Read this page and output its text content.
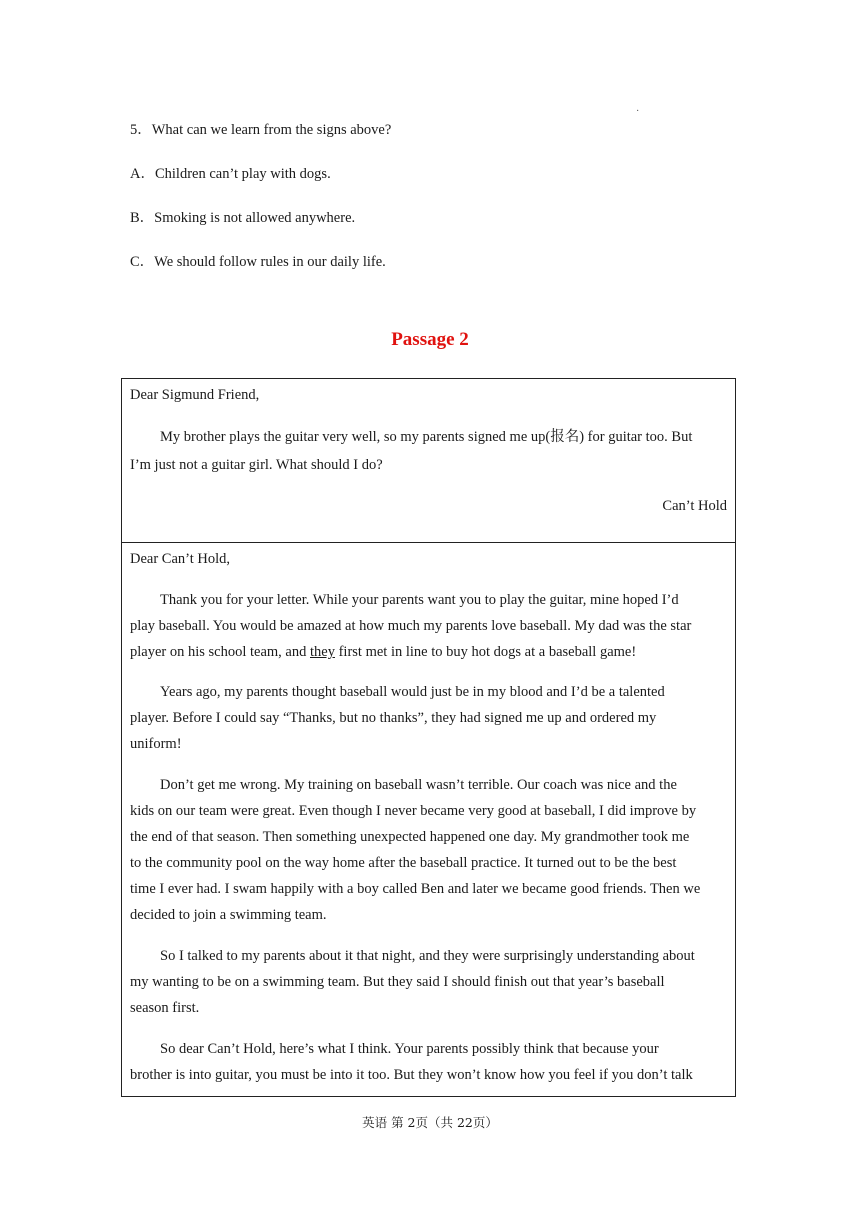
·
5．What can we learn from the signs above?
A．Children can’t play with dogs.
B．Smoking is not allowed anywhere.
C．We should follow rules in our daily life.
Passage 2
Dear Sigmund Friend,
My brother plays the guitar very well, so my parents signed me up(报名) for guitar too. But
I’m just not a guitar girl. What should I do?
Can’t Hold
Dear Can’t Hold,
Thank you for your letter. While your parents want you to play the guitar, mine hoped I’d
play baseball. You would be amazed at how much my parents love baseball. My dad was the star
player on his school team, and they first met in line to buy hot dogs at a baseball game!
Years ago, my parents thought baseball would just be in my blood and I’d be a talented
player. Before I could say “Thanks, but no thanks”, they had signed me up and ordered my
uniform!
Don’t get me wrong. My training on baseball wasn’t terrible. Our coach was nice and the
kids on our team were great. Even though I never became very good at baseball, I did improve by
the end of that season. Then something unexpected happened one day. My grandmother took me
to the community pool on the way home after the baseball practice. It turned out to be the best
time I ever had. I swam happily with a boy called Ben and later we became good friends. Then we
decided to join a swimming team.
So I talked to my parents about it that night, and they were surprisingly understanding about
my wanting to be on a swimming team. But they said I should finish out that year’s baseball
season first.
So dear Can’t Hold, here’s what I think. Your parents possibly think that because your
brother is into guitar, you must be into it too. But they won’t know how you feel if you don’t talk
英语 第 2页（共 22页）
